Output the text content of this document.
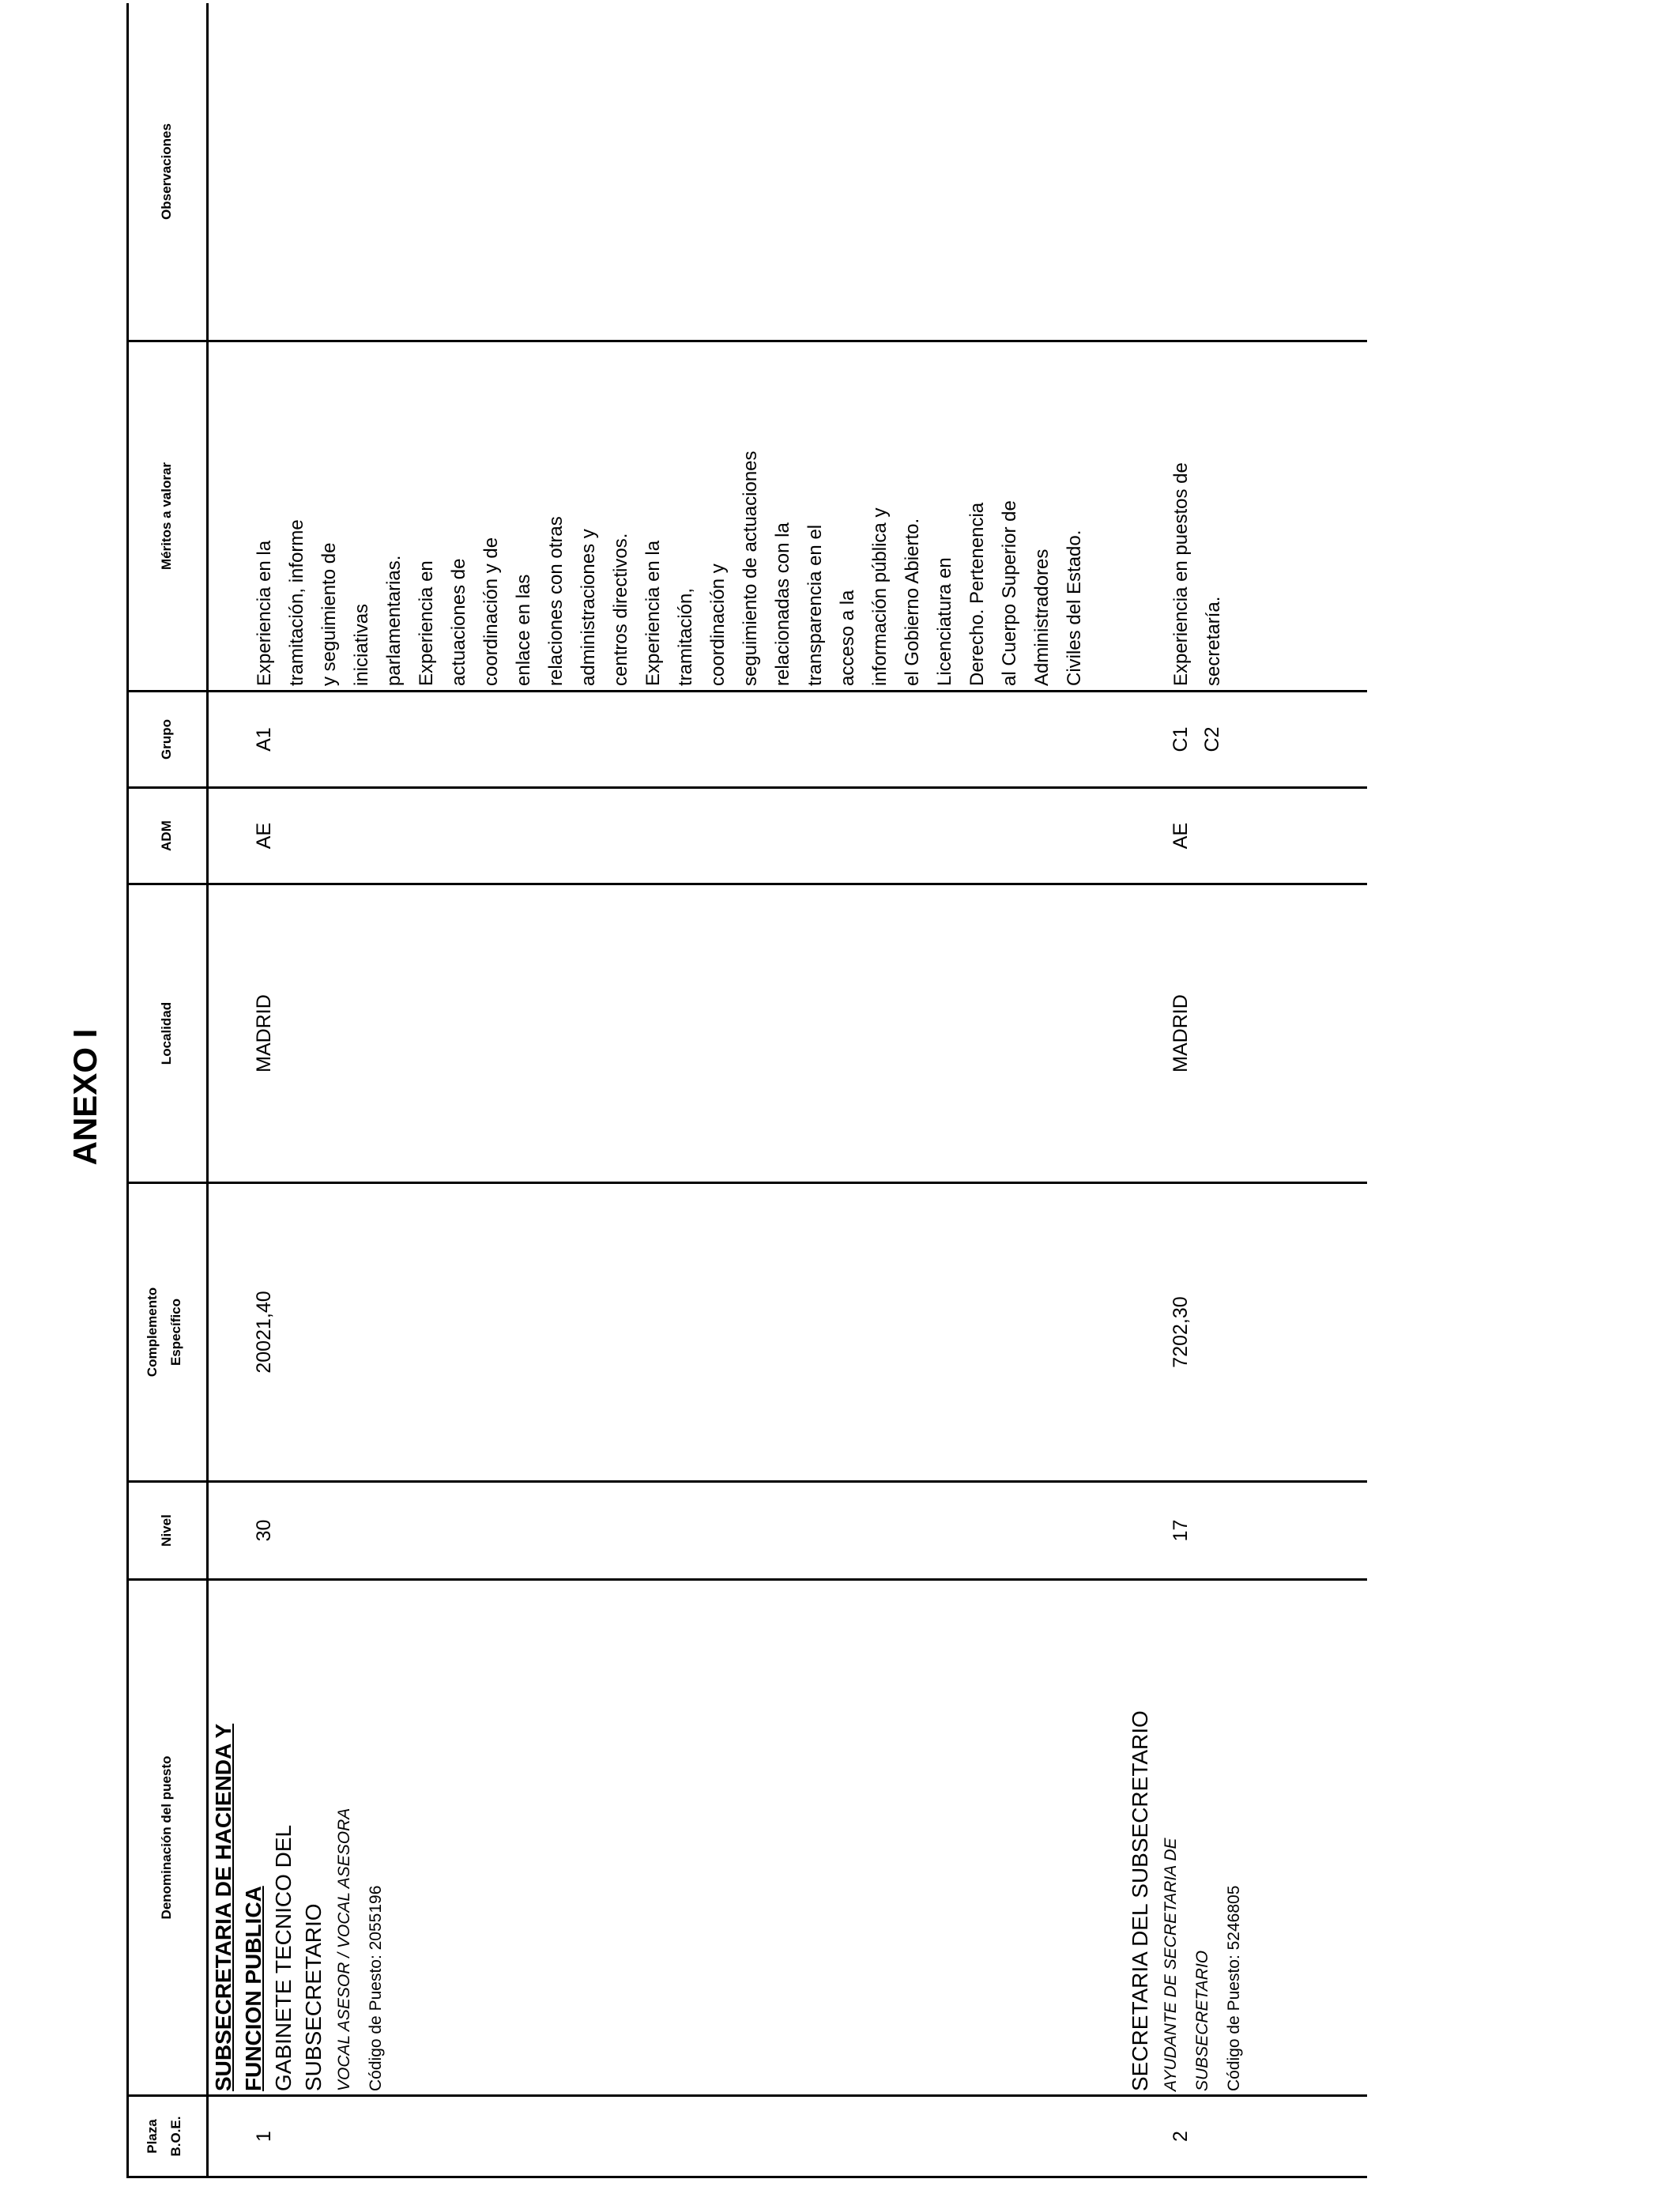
ANEXO I
Plaza B.O.E.
Denominación del puesto
Nivel
Complemento Específico
Localidad
ADM
Grupo
Méritos a valorar
Observaciones
1
SUBSECRETARIA DE HACIENDA Y FUNCION PUBLICA GABINETE TECNICO DEL SUBSECRETARIO VOCAL ASESOR / VOCAL ASESORA Código de Puesto: 2055196
30
20021,40
MADRID
AE
A1
Experiencia en la tramitación, informe y seguimiento de iniciativas parlamentarias. Experiencia en actuaciones de coordinación y de enlace en las relaciones con otras administraciones y centros directivos. Experiencia en la tramitación, coordinación y seguimiento de actuaciones relacionadas con la transparencia en el acceso a la información pública y el Gobierno Abierto. Licenciatura en Derecho. Pertenencia al Cuerpo Superior de Administradores Civiles del Estado.
2
SECRETARIA DEL SUBSECRETARIO AYUDANTE DE SECRETARIA DE SUBSECRETARIO Código de Puesto: 5246805
17
7202,30
MADRID
AE
C1 C2
Experiencia en puestos de secretaría.
